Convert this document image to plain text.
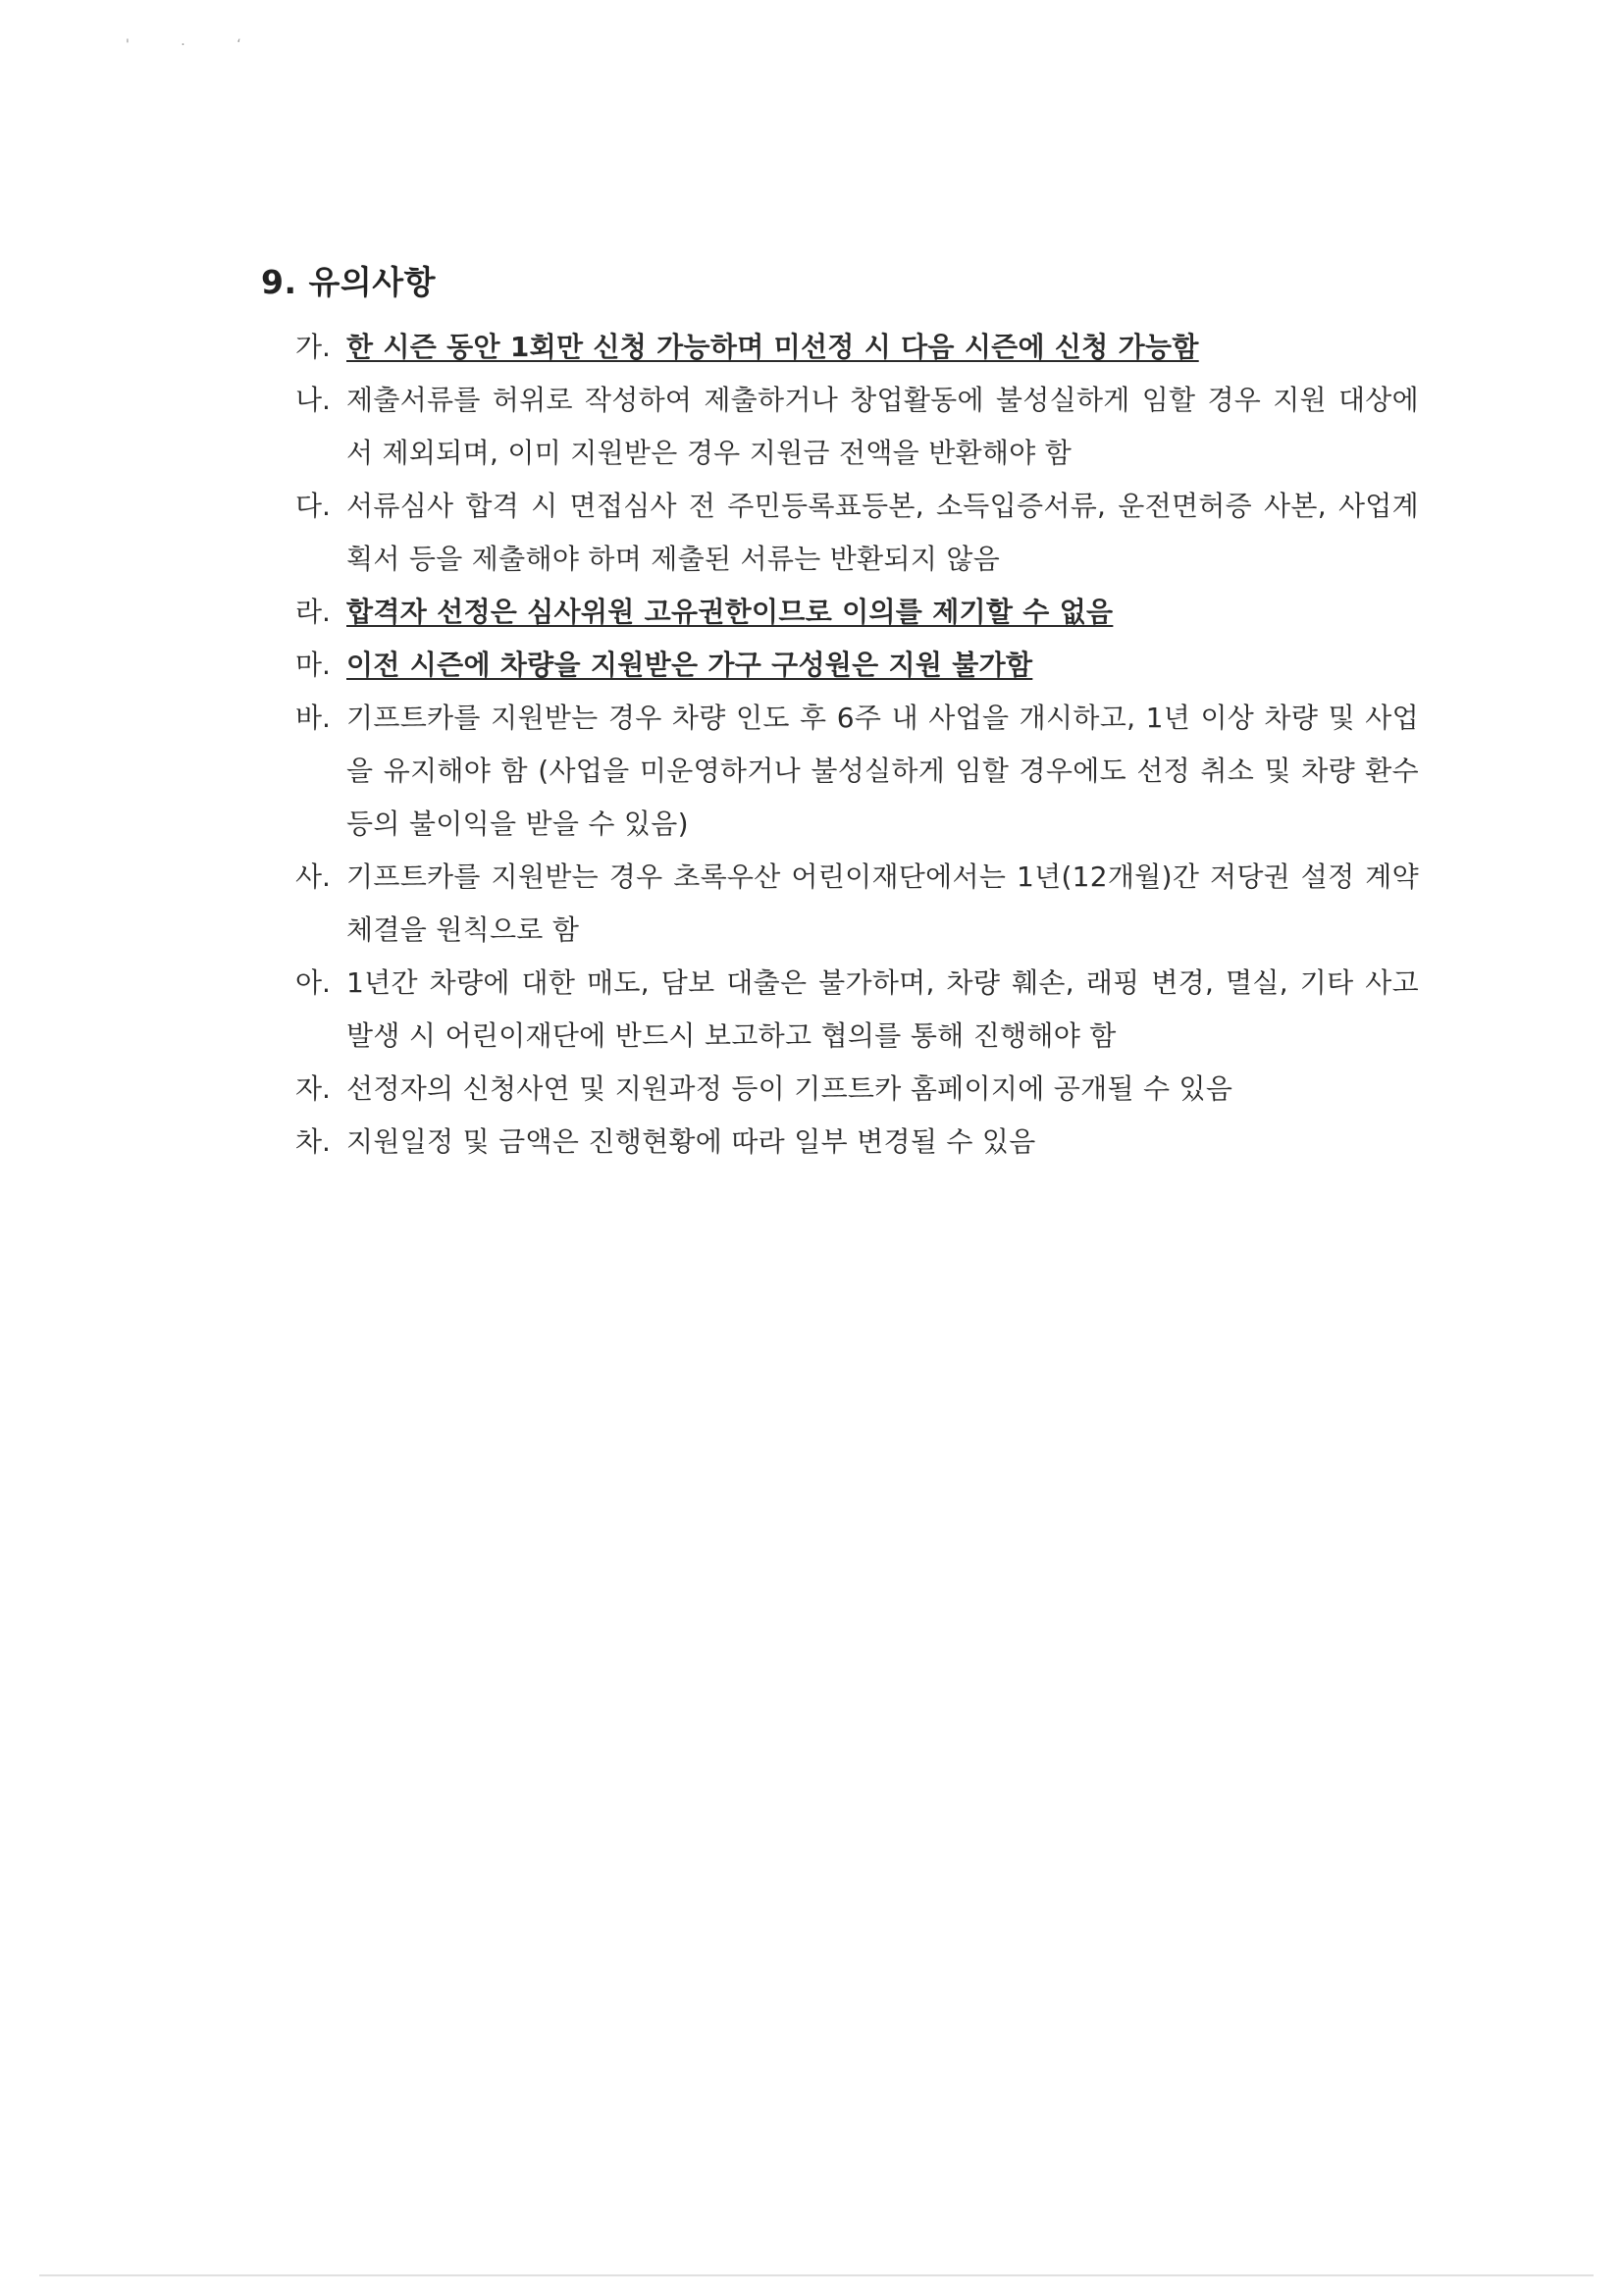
' · ‘
9. 유의사항
가. 한 시즌 동안 1회만 신청 가능하며 미선정 시 다음 시즌에 신청 가능함
나. 제출서류를 허위로 작성하여 제출하거나 창업활동에 불성실하게 임할 경우 지원 대상에서 제외되며, 이미 지원받은 경우 지원금 전액을 반환해야 함
다. 서류심사 합격 시 면접심사 전 주민등록표등본, 소득입증서류, 운전면허증 사본, 사업계획서 등을 제출해야 하며 제출된 서류는 반환되지 않음
라. 합격자 선정은 심사위원 고유권한이므로 이의를 제기할 수 없음
마. 이전 시즌에 차량을 지원받은 가구 구성원은 지원 불가함
바. 기프트카를 지원받는 경우 차량 인도 후 6주 내 사업을 개시하고, 1년 이상 차량 및 사업을 유지해야 함 (사업을 미운영하거나 불성실하게 임할 경우에도 선정 취소 및 차량 환수 등의 불이익을 받을 수 있음)
사. 기프트카를 지원받는 경우 초록우산 어린이재단에서는 1년(12개월)간 저당권 설정 계약 체결을 원칙으로 함
아. 1년간 차량에 대한 매도, 담보 대출은 불가하며, 차량 훼손, 래핑 변경, 멸실, 기타 사고 발생 시 어린이재단에 반드시 보고하고 협의를 통해 진행해야 함
자. 선정자의 신청사연 및 지원과정 등이 기프트카 홈페이지에 공개될 수 있음
차. 지원일정 및 금액은 진행현황에 따라 일부 변경될 수 있음
